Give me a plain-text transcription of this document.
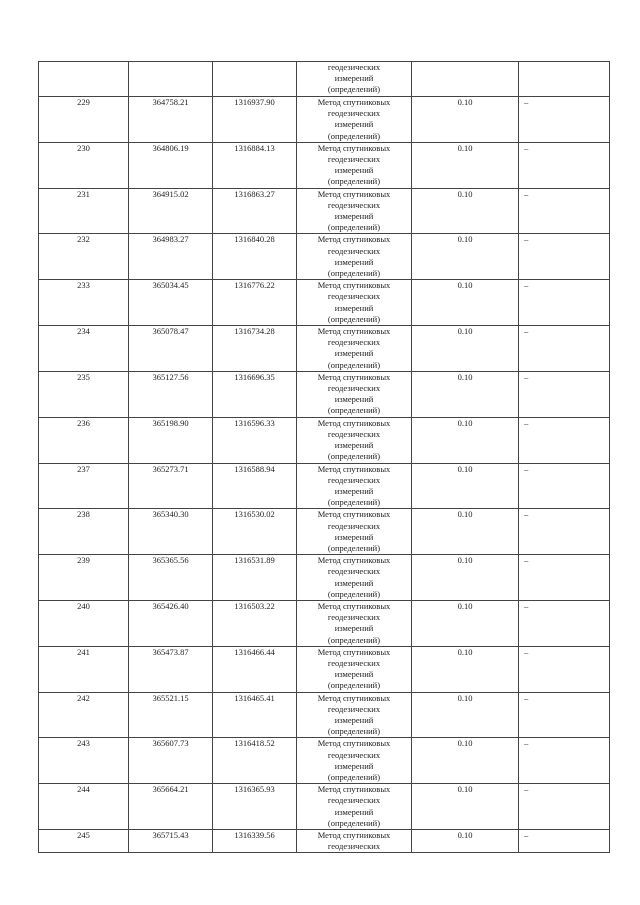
			геодезических
измерений
(определений)		

229	364758.21	1316937.90	Метод спутниковых
геодезических
измерений
(определений)	0.10	–
230	364806.19	1316884.13	Метод спутниковых
геодезических
измерений
(определений)	0.10	–
231	364915.02	1316863.27	Метод спутниковых
геодезических
измерений
(определений)	0.10	–
232	364983.27	1316840.28	Метод спутниковых
геодезических
измерений
(определений)	0.10	–
233	365034.45	1316776.22	Метод спутниковых
геодезических
измерений
(определений)	0.10	–
234	365078.47	1316734.28	Метод спутниковых
геодезических
измерений
(определений)	0.10	–
235	365127.56	1316696.35	Метод спутниковых
геодезических
измерений
(определений)	0.10	–
236	365198.90	1316596.33	Метод спутниковых
геодезических
измерений
(определений)	0.10	–
237	365273.71	1316588.94	Метод спутниковых
геодезических
измерений
(определений)	0.10	–
238	365340.30	1316530.02	Метод спутниковых
геодезических
измерений
(определений)	0.10	–
239	365365.56	1316531.89	Метод спутниковых
геодезических
измерений
(определений)	0.10	–
240	365426.40	1316503.22	Метод спутниковых
геодезических
измерений
(определений)	0.10	–
241	365473.87	1316466.44	Метод спутниковых
геодезических
измерений
(определений)	0.10	–
242	365521.15	1316465.41	Метод спутниковых
геодезических
измерений
(определений)	0.10	–
243	365607.73	1316418.52	Метод спутниковых
геодезических
измерений
(определений)	0.10	–
244	365664.21	1316365.93	Метод спутниковых
геодезических
измерений
(определений)	0.10	–
245	365715.43	1316339.56	Метод спутниковых
геодезических	0.10	–
